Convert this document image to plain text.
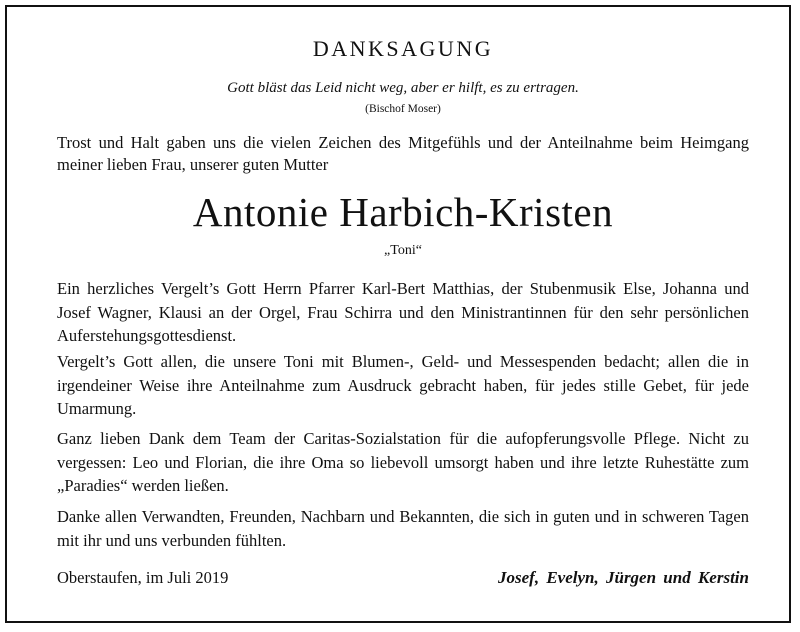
DANKSAGUNG
Gott bläst das Leid nicht weg, aber er hilft, es zu ertragen.
(Bischof Moser)
Trost und Halt gaben uns die vielen Zeichen des Mitgefühls und der Anteilnahme beim Heimgang meiner lieben Frau, unserer guten Mutter
Antonie Harbich-Kristen
„Toni“
Ein herzliches Vergelt’s Gott Herrn Pfarrer Karl-Bert Matthias, der Stubenmusik Else, Johanna und Josef Wagner, Klausi an der Orgel, Frau Schirra und den Ministrantinnen für den sehr persönlichen Auferstehungsgottesdienst.
Vergelt’s Gott allen, die unsere Toni mit Blumen-, Geld- und Messespenden bedacht; allen die in irgendeiner Weise ihre Anteilnahme zum Ausdruck gebracht haben, für jedes stille Gebet, für jede Umarmung.
Ganz lieben Dank dem Team der Caritas-Sozialstation für die aufopferungsvolle Pflege. Nicht zu vergessen: Leo und Florian, die ihre Oma so liebevoll umsorgt haben und ihre letzte Ruhestätte zum „Paradies“ werden ließen.
Danke allen Verwandten, Freunden, Nachbarn und Bekannten, die sich in guten und in schweren Tagen mit ihr und uns verbunden fühlten.
Oberstaufen, im Juli 2019	Josef, Evelyn, Jürgen und Kerstin
